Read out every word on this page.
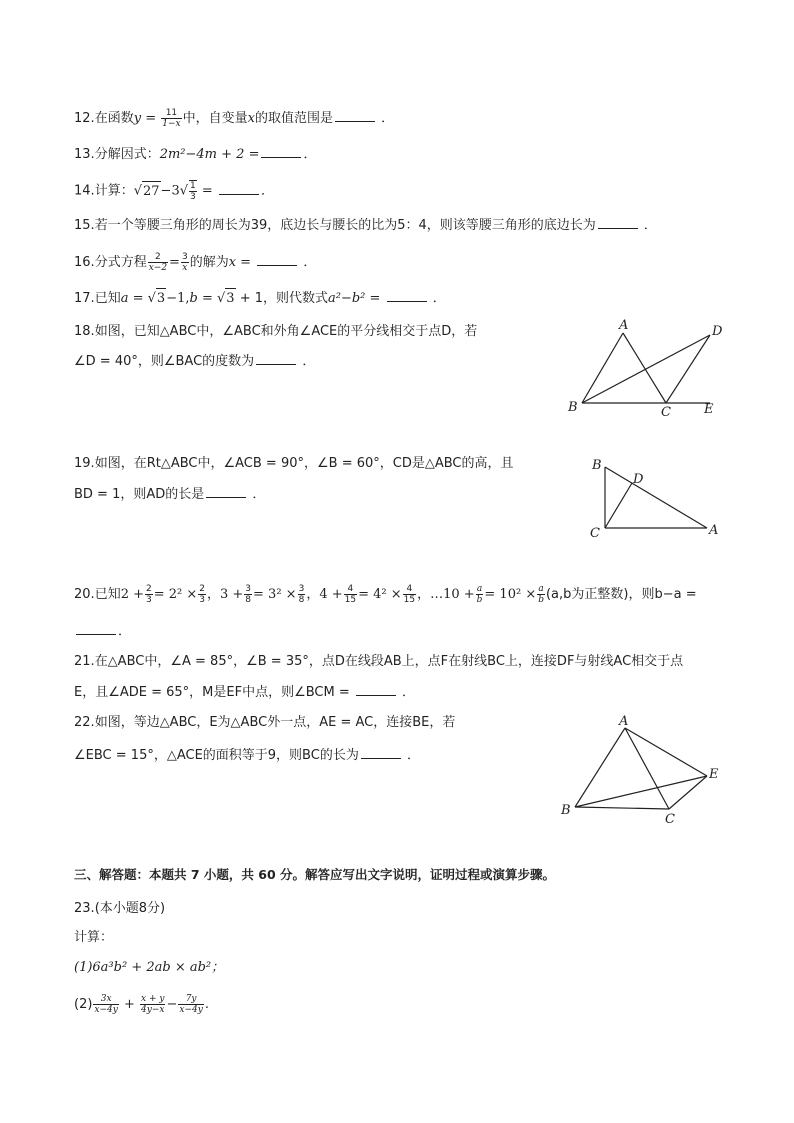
12.在函数$y = \frac{11}{1-x}$ 中，自变量x的取值范围是	．
13.分解因式：2m²−4m + 2 =	．
14.计算：$√27-3√ \frac{1}{3}$ =	．
15.若一个等腰三角形的周长为39，底边长与腰长的比为5：4，则该等腰三角形的底边长为	．
16.分式方程 $\frac{2}{x-2} = \frac{3}{x}$ 的解为x =	．
17.已知a = √3−1,b = √3 + 1，则代数式a²−b² =	．
18.如图，已知△ABC中，∠ABC和外角∠ACE的平分线相交于点D，若
∠D = 40°，则∠BAC的度数为	．
A	D
B	C	E
19.如图，在Rt△ABC中，∠ACB = 90°，∠B = 60°，CD是△ABC的高，且
BD = 1，则AD的长是	．
B
D
C	A
20.已知$2 + \frac{2}{3} = 2^2 \times \frac{2}{3}$ ，$3 + \frac{3}{8} = 3^2 \times \frac{3}{8}$ ，$4 + \frac{4}{15} = 4^2 \times \frac{4}{15}$ ，…10 + $\frac{a}{b} = 10^2 \times \frac{a}{b} (a,b$为正整数)，则b−a =
．
21.在△ABC中，∠A = 85°，∠B = 35°，点D在线段AB上，点F在射线BC上，连接DF与射线AC相交于点
E，且∠ADE = 65°，M是EF中点，则∠BCM =	．
22.如图，等边△ABC，E为△ABC外一点，AE = AC，连接BE，若
∠EBC = 15°，△ACE的面积等于9，则BC的长为	．
A
E
B
C
三、解答题：本题共 7 小题，共 60 分。解答应写出文字说明，证明过程或演算步骤。
23.(本小题8分)
计算：
(1)6a³b² + 2ab × ab²；
$(2) \frac{3x}{x-4y} + \frac{x + y}{4y-x} - \frac{7y}{x-4y}$ .
